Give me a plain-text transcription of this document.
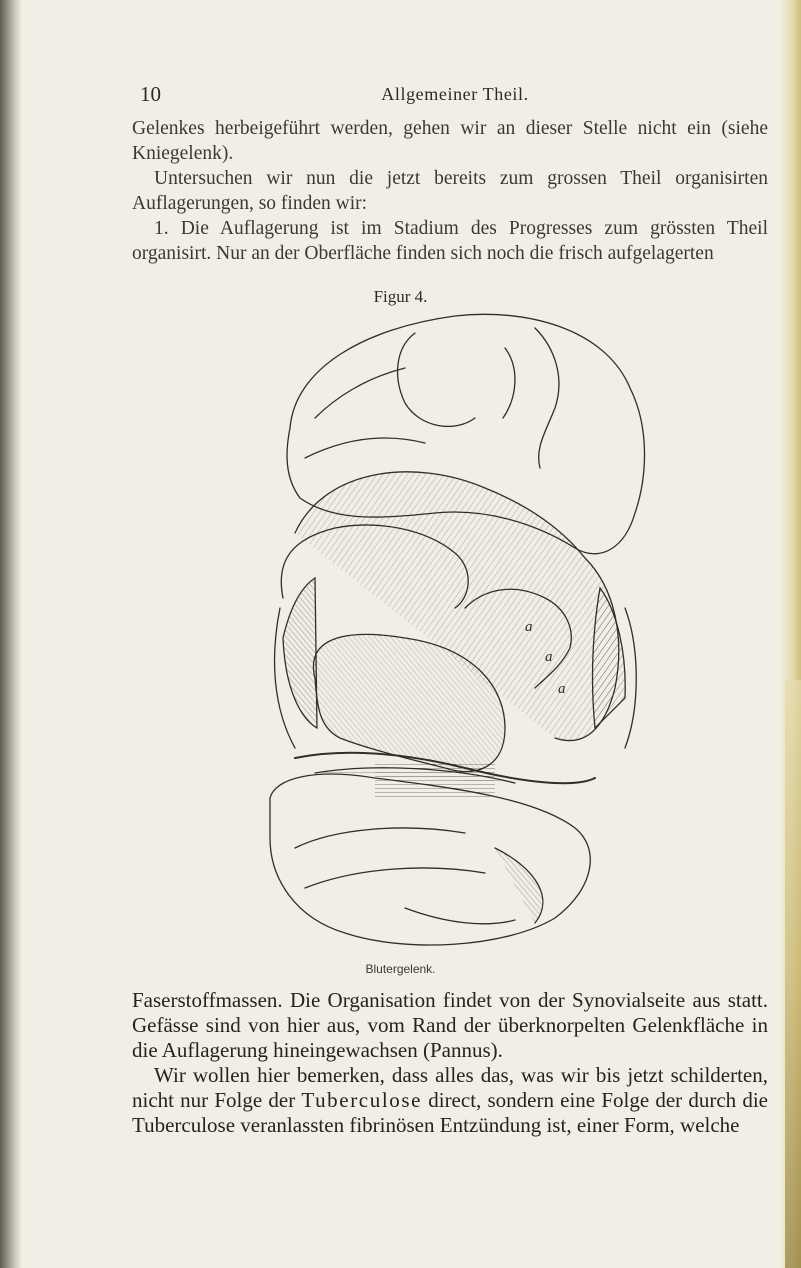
10	Allgemeiner Theil.

Gelenkes herbeigeführt werden, gehen wir an dieser Stelle nicht ein (siehe Kniegelenk).

Untersuchen wir nun die jetzt bereits zum grossen Theil organisirten Auflagerungen, so finden wir:

1. Die Auflagerung ist im Stadium des Progresses zum grössten Theil organisirt. Nur an der Oberfläche finden sich noch die frisch aufgelagerten

Figur 4.
a
a
a
Blutergelenk.

Faserstoffmassen. Die Organisation findet von der Synovialseite aus statt. Gefässe sind von hier aus, vom Rand der überknorpelten Gelenkfläche in die Auflagerung hineingewachsen (Pannus).

Wir wollen hier bemerken, dass alles das, was wir bis jetzt schilderten, nicht nur Folge der Tuberculose direct, sondern eine Folge der durch die Tuberculose veranlassten fibrinösen Entzündung ist, einer Form, welche
